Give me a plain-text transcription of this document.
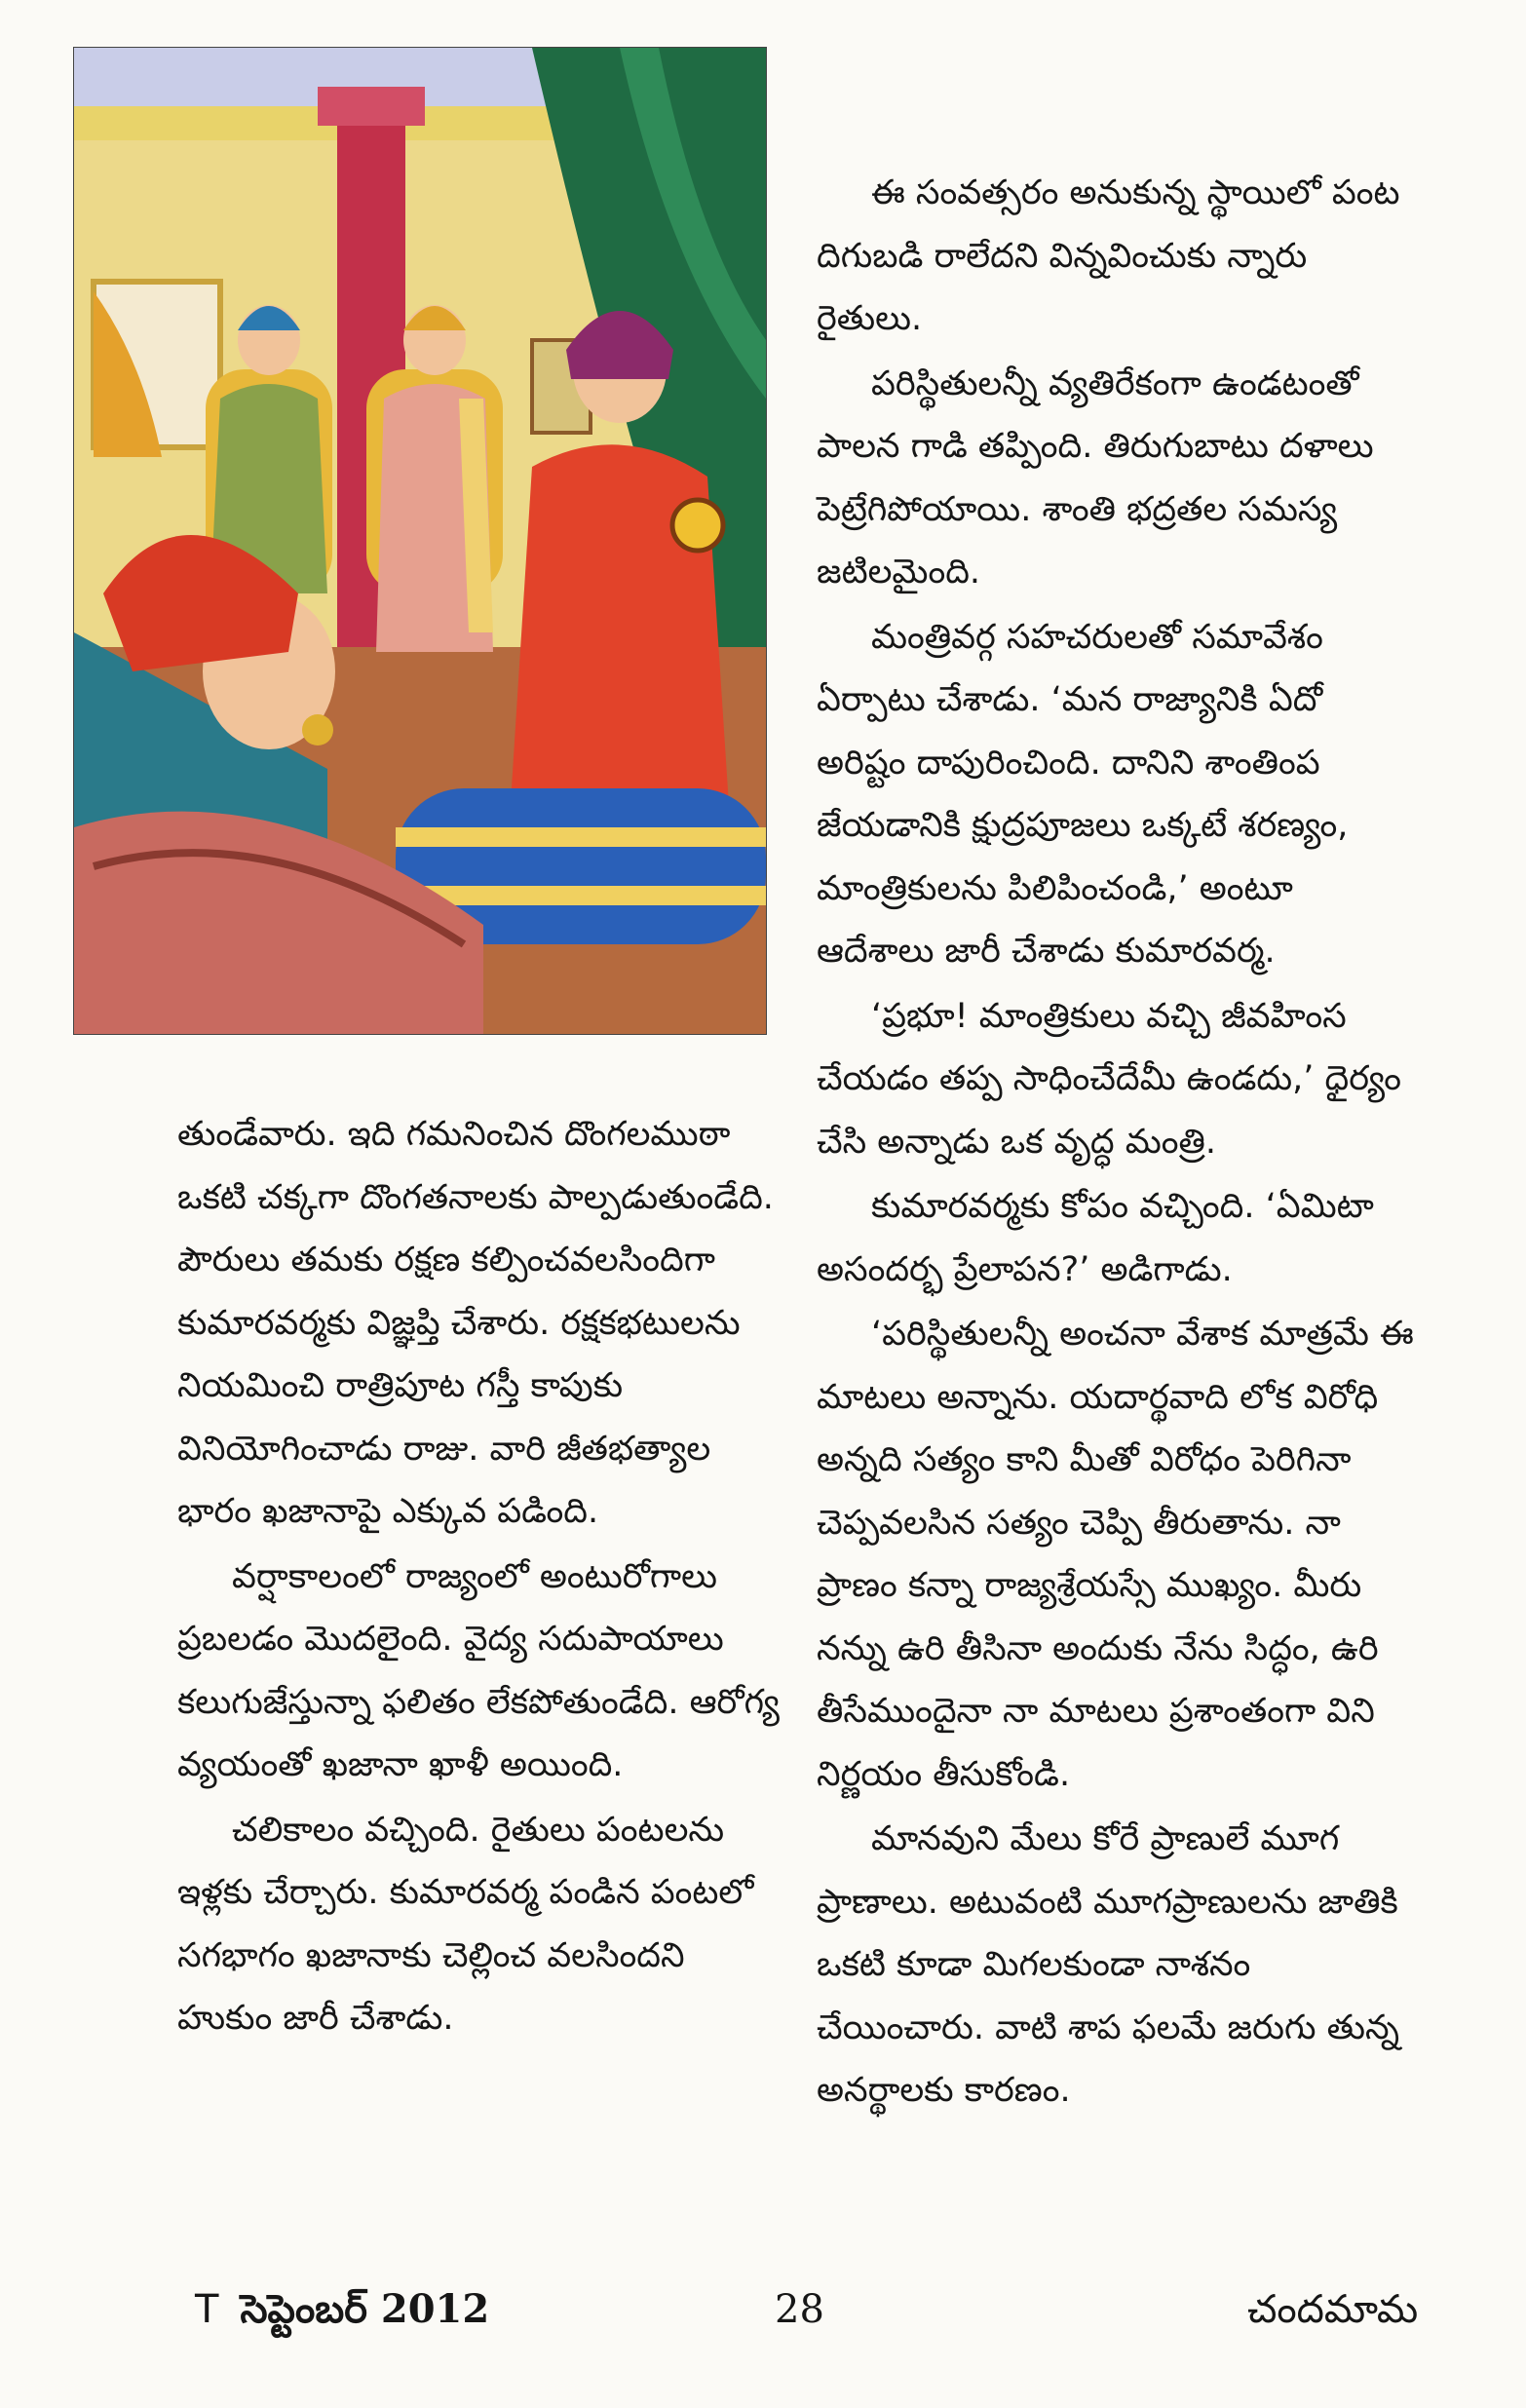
తుండేవారు. ఇది గమనించిన దొంగలముఠా ఒకటి చక్కగా దొంగతనాలకు పాల్పడుతుండేది. పౌరులు తమకు రక్షణ కల్పించవలసిందిగా కుమారవర్మకు విజ్ఞప్తి చేశారు. రక్షకభటులను నియమించి రాత్రిపూట గస్తీ కాపుకు వినియోగించాడు రాజు. వారి జీతభత్యాల భారం ఖజానాపై ఎక్కువ పడింది.

వర్షాకాలంలో రాజ్యంలో అంటురోగాలు ప్రబలడం మొదలైంది. వైద్య సదుపాయాలు కలుగుజేస్తున్నా ఫలితం లేకపోతుండేది. ఆరోగ్య వ్యయంతో ఖజానా ఖాళీ అయింది.

చలికాలం వచ్చింది. రైతులు పంటలను ఇళ్లకు చేర్చారు. కుమారవర్మ పండిన పంటలో సగభాగం ఖజానాకు చెల్లించ వలసిందని హుకుం జారీ చేశాడు.

ఈ సంవత్సరం అనుకున్న స్థాయిలో పంట దిగుబడి రాలేదని విన్నవించుకు న్నారు రైతులు.

పరిస్థితులన్నీ వ్యతిరేకంగా ఉండటంతో పాలన గాడి తప్పింది. తిరుగుబాటు దళాలు పెట్రేగిపోయాయి. శాంతి భద్రతల సమస్య జటిలమైంది.

మంత్రివర్గ సహచరులతో సమావేశం ఏర్పాటు చేశాడు. ‘మన రాజ్యానికి ఏదో అరిష్టం దాపురించింది. దానిని శాంతింప జేయడానికి క్షుద్రపూజలు ఒక్కటే శరణ్యం, మాంత్రికులను పిలిపించండి,’ అంటూ ఆదేశాలు జారీ చేశాడు కుమారవర్మ.

‘ప్రభూ! మాంత్రికులు వచ్చి జీవహింస చేయడం తప్ప సాధించేదేమీ ఉండదు,’ ధైర్యం చేసి అన్నాడు ఒక వృద్ధ మంత్రి.

కుమారవర్మకు కోపం వచ్చింది. ‘ఏమిటా అసందర్భ ప్రేలాపన?’ అడిగాడు.

‘పరిస్థితులన్నీ అంచనా వేశాక మాత్రమే ఈ మాటలు అన్నాను. యదార్థవాది లోక విరోధి అన్నది సత్యం కాని మీతో విరోధం పెరిగినా చెప్పవలసిన సత్యం చెప్పి తీరుతాను. నా ప్రాణం కన్నా రాజ్యశ్రేయస్సే ముఖ్యం. మీరు నన్ను ఉరి తీసినా అందుకు నేను సిద్ధం, ఉరి తీసేముందైనా నా మాటలు ప్రశాంతంగా విని నిర్ణయం తీసుకోండి.

మానవుని మేలు కోరే ప్రాణులే మూగ ప్రాణాలు. అటువంటి మూగప్రాణులను జాతికి ఒకటి కూడా మిగలకుండా నాశనం చేయించారు. వాటి శాప ఫలమే జరుగు తున్న అనర్థాలకు కారణం.

T సెప్టెంబర్ 2012	28	చందమామ
